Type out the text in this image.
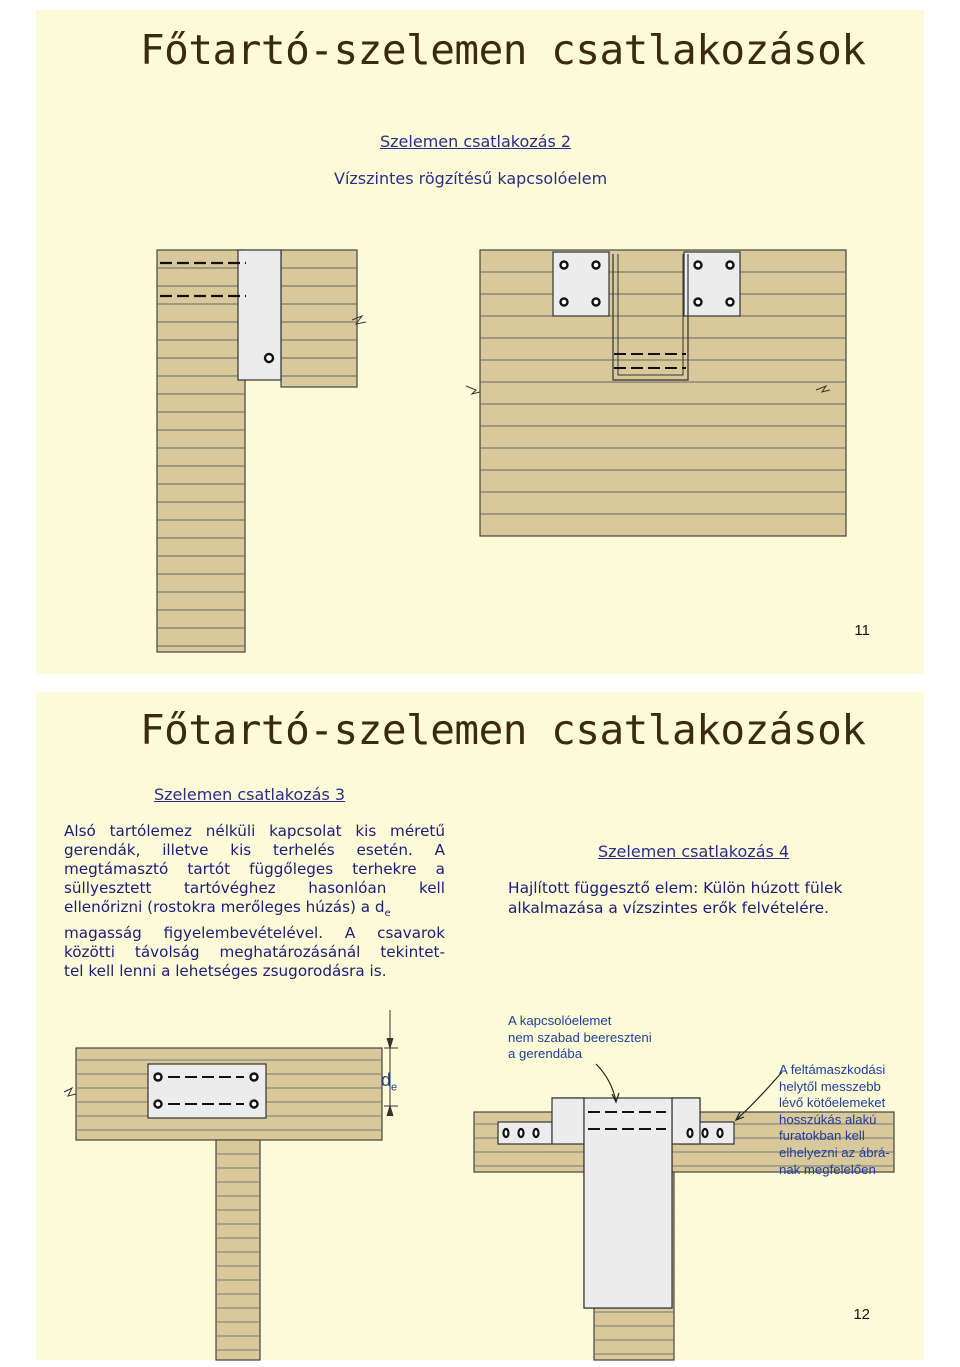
Főtartó-szelemen csatlakozások
Szelemen csatlakozás 2
Vízszintes rögzítésű kapcsolóelem
11
Főtartó-szelemen csatlakozások
Szelemen csatlakozás 3
Alsó tartólemez nélküli kapcsolat kis méretű
gerendák, illetve kis terhelés esetén. A
megtámasztó tartót függőleges terhekre a
süllyesztett tartóvéghez hasonlóan kell
ellenőrizni (rostokra merőleges húzás) a $d_e$
magasság figyelembevételével. A csavarok
közötti távolság meghatározásánál tekintet-
tel kell lenni a lehetséges zsugorodásra is.
Szelemen csatlakozás 4
Hajlított függesztő elem: Külön húzott fülek
alkalmazása a vízszintes erők felvételére.
$d_e$
A kapcsolóelemet
nem szabad beereszteni
a gerendába
A feltámaszkodási
helytől messzebb
lévő kötőelemeket
hosszúkás alakú
furatokban kell
elhelyezni az ábrá-
nak megfelelően
12
